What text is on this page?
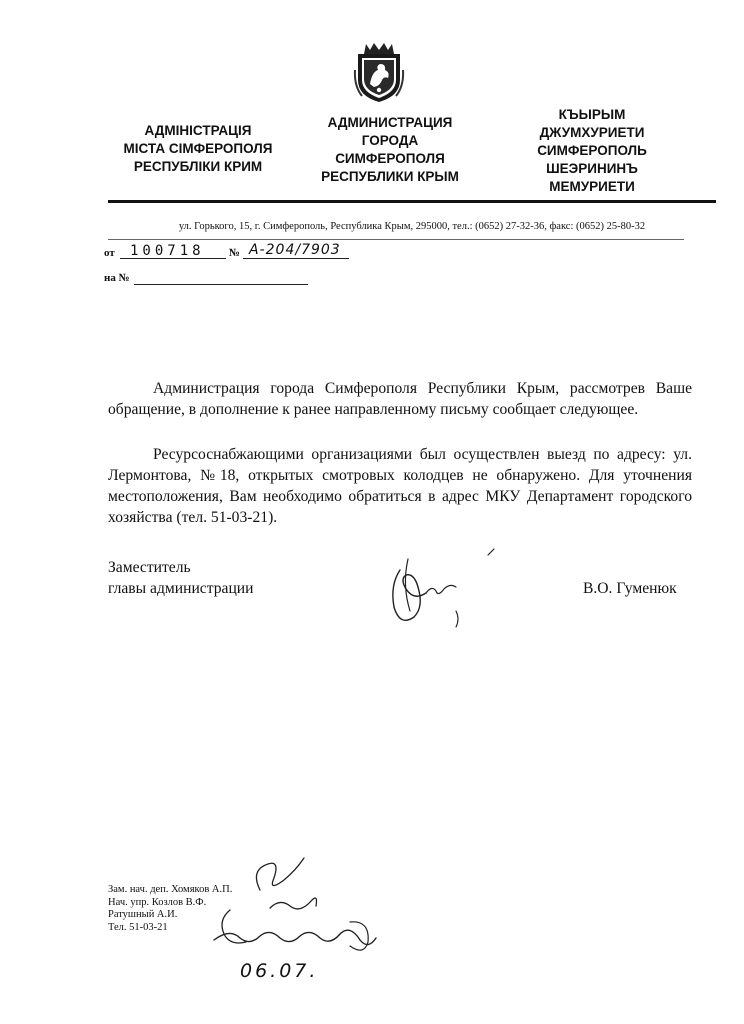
АДМІНІСТРАЦІЯ

МІСТА СІМФЕРОПОЛЯ

РЕСПУБЛІКИ КРИМ

АДМИНИСТРАЦИЯ

ГОРОДА

СИМФЕРОПОЛЯ

РЕСПУБЛИКИ КРЫМ

КЪЫРЫМ

ДЖУМХУРИЕТИ

СИМФЕРОПОЛЬ

ШЕЭРИНИНЪ

МЕМУРИЕТИ

ул. Горького, 15, г. Симферополь, Республика Крым, 295000, тел.: (0652) 27-32-36, факс: (0652) 25-80-32
от 100718 № А-204/7903
на №

Администрация города Симферополя Республики Крым, рассмотрев Ваше обращение, в дополнение к ранее направленному письму сообщает следующее.

Ресурсоснабжающими организациями был осуществлен выезд по адресу: ул. Лермонтова, №18, открытых смотровых колодцев не обнаружено. Для уточнения местоположения, Вам необходимо обратиться в адрес МКУ Департамент городского хозяйства (тел. 51-03-21).

Заместитель

главы администрации	В.О. Гуменюк

Зам. нач. деп. Хомяков А.П.

Нач. упр. Козлов В.Ф.

Ратушный А.И.

Тел. 51-03-21

06.07.
